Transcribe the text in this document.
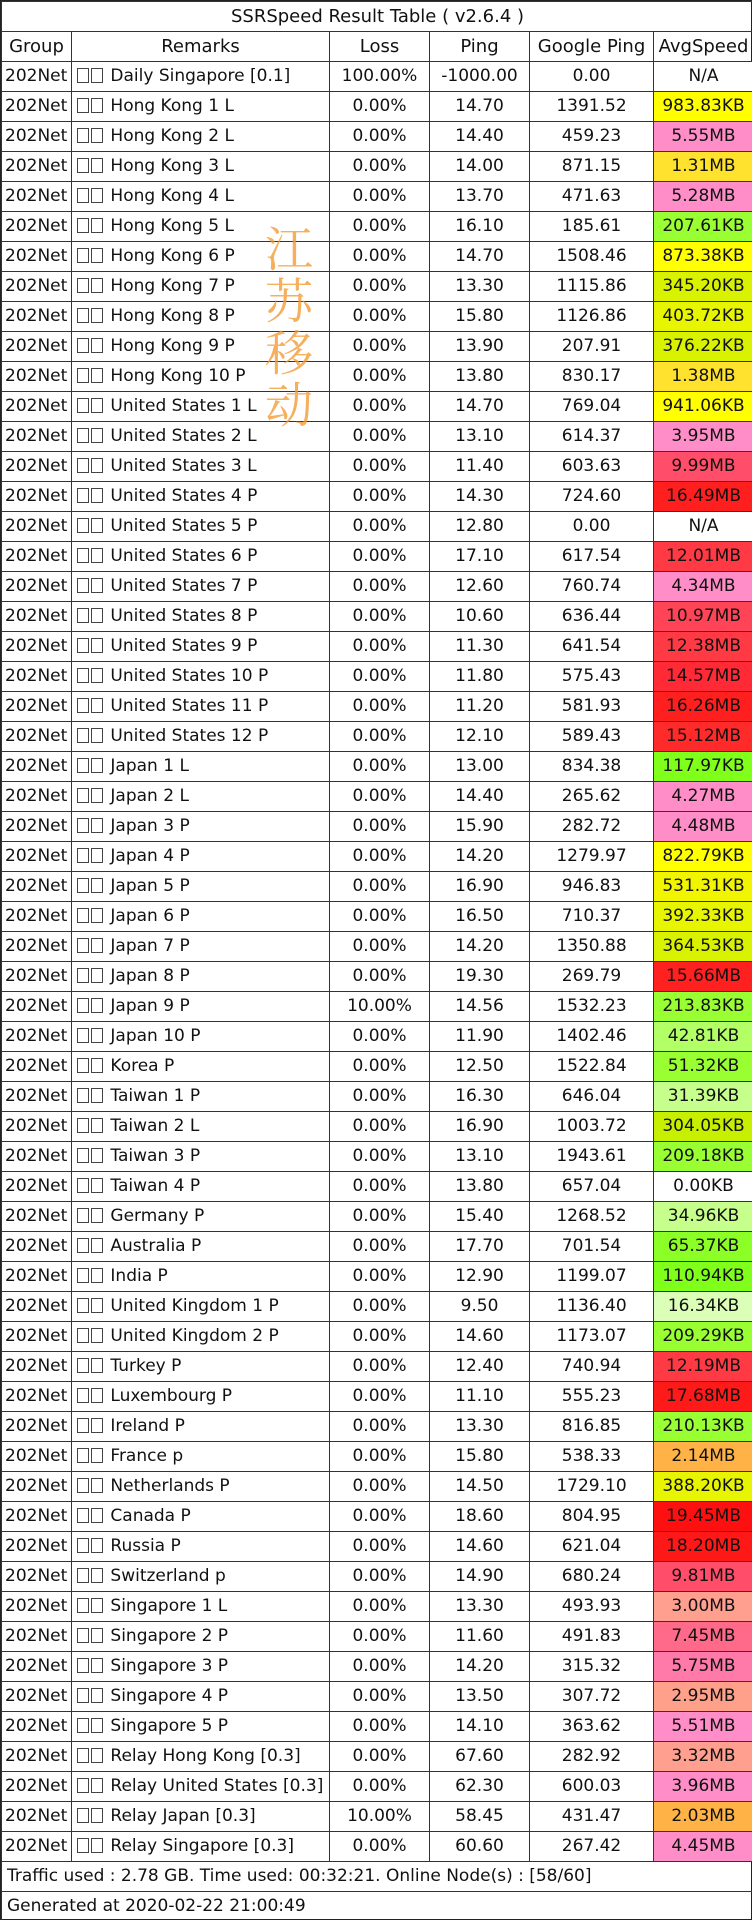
SSRSpeed Result Table ( v2.6.4 )					
Group	Remarks	Loss	Ping	Google Ping	AvgSpeed
202Net	Daily Singapore [0.1]	100.00%	-1000.00	0.00	N/A
202Net	Hong Kong 1 L	0.00%	14.70	1391.52	983.83KB
202Net	Hong Kong 2 L	0.00%	14.40	459.23	5.55MB
202Net	Hong Kong 3 L	0.00%	14.00	871.15	1.31MB
202Net	Hong Kong 4 L	0.00%	13.70	471.63	5.28MB
202Net	Hong Kong 5 L	0.00%	16.10	185.61	207.61KB
202Net	Hong Kong 6 P	0.00%	14.70	1508.46	873.38KB
202Net	Hong Kong 7 P	0.00%	13.30	1115.86	345.20KB
202Net	Hong Kong 8 P	0.00%	15.80	1126.86	403.72KB
202Net	Hong Kong 9 P	0.00%	13.90	207.91	376.22KB
202Net	Hong Kong 10 P	0.00%	13.80	830.17	1.38MB
202Net	United States 1 L	0.00%	14.70	769.04	941.06KB
202Net	United States 2 L	0.00%	13.10	614.37	3.95MB
202Net	United States 3 L	0.00%	11.40	603.63	9.99MB
202Net	United States 4 P	0.00%	14.30	724.60	16.49MB
202Net	United States 5 P	0.00%	12.80	0.00	N/A
202Net	United States 6 P	0.00%	17.10	617.54	12.01MB
202Net	United States 7 P	0.00%	12.60	760.74	4.34MB
202Net	United States 8 P	0.00%	10.60	636.44	10.97MB
202Net	United States 9 P	0.00%	11.30	641.54	12.38MB
202Net	United States 10 P	0.00%	11.80	575.43	14.57MB
202Net	United States 11 P	0.00%	11.20	581.93	16.26MB
202Net	United States 12 P	0.00%	12.10	589.43	15.12MB
202Net	Japan 1 L	0.00%	13.00	834.38	117.97KB
202Net	Japan 2 L	0.00%	14.40	265.62	4.27MB
202Net	Japan 3 P	0.00%	15.90	282.72	4.48MB
202Net	Japan 4 P	0.00%	14.20	1279.97	822.79KB
202Net	Japan 5 P	0.00%	16.90	946.83	531.31KB
202Net	Japan 6 P	0.00%	16.50	710.37	392.33KB
202Net	Japan 7 P	0.00%	14.20	1350.88	364.53KB
202Net	Japan 8 P	0.00%	19.30	269.79	15.66MB
202Net	Japan 9 P	10.00%	14.56	1532.23	213.83KB
202Net	Japan 10 P	0.00%	11.90	1402.46	42.81KB
202Net	Korea P	0.00%	12.50	1522.84	51.32KB
202Net	Taiwan 1 P	0.00%	16.30	646.04	31.39KB
202Net	Taiwan 2 L	0.00%	16.90	1003.72	304.05KB
202Net	Taiwan 3 P	0.00%	13.10	1943.61	209.18KB
202Net	Taiwan 4 P	0.00%	13.80	657.04	0.00KB
202Net	Germany P	0.00%	15.40	1268.52	34.96KB
202Net	Australia P	0.00%	17.70	701.54	65.37KB
202Net	India P	0.00%	12.90	1199.07	110.94KB
202Net	United Kingdom 1 P	0.00%	9.50	1136.40	16.34KB
202Net	United Kingdom 2 P	0.00%	14.60	1173.07	209.29KB
202Net	Turkey P	0.00%	12.40	740.94	12.19MB
202Net	Luxembourg P	0.00%	11.10	555.23	17.68MB
202Net	Ireland P	0.00%	13.30	816.85	210.13KB
202Net	France p	0.00%	15.80	538.33	2.14MB
202Net	Netherlands P	0.00%	14.50	1729.10	388.20KB
202Net	Canada P	0.00%	18.60	804.95	19.45MB
202Net	Russia P	0.00%	14.60	621.04	18.20MB
202Net	Switzerland p	0.00%	14.90	680.24	9.81MB
202Net	Singapore 1 L	0.00%	13.30	493.93	3.00MB
202Net	Singapore 2 P	0.00%	11.60	491.83	7.45MB
202Net	Singapore 3 P	0.00%	14.20	315.32	5.75MB
202Net	Singapore 4 P	0.00%	13.50	307.72	2.95MB
202Net	Singapore 5 P	0.00%	14.10	363.62	5.51MB
202Net	Relay Hong Kong [0.3]	0.00%	67.60	282.92	3.32MB
202Net	Relay United States [0.3]	0.00%	62.30	600.03	3.96MB
202Net	Relay Japan [0.3]	10.00%	58.45	431.47	2.03MB
202Net	Relay Singapore [0.3]	0.00%	60.60	267.42	4.45MB
Traffic used : 2.78 GB. Time used: 00:32:21. Online Node(s) : [58/60]					
Generated at 2020-02-22 21:00:49					
江
苏
移
动
